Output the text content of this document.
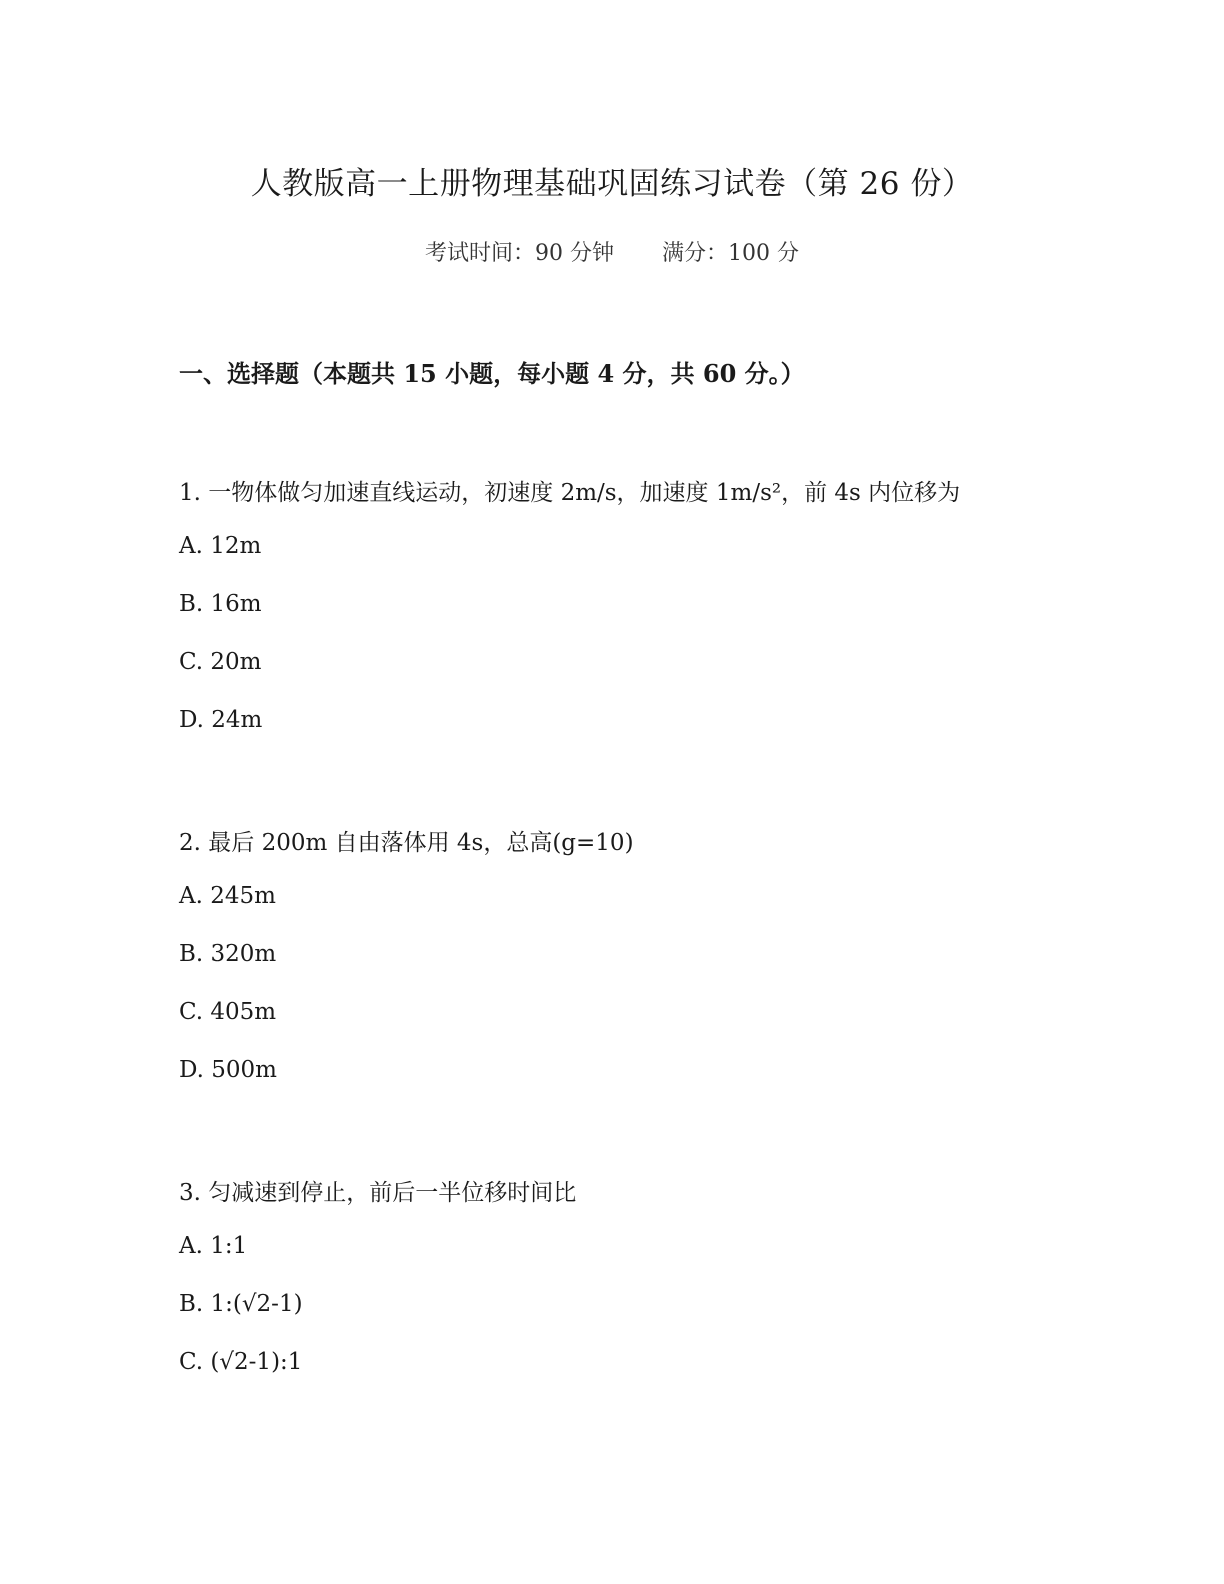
人教版高一上册物理基础巩固练习试卷（第 26 份）
考试时间：90 分钟 满分：100 分
一、选择题（本题共 15 小题，每小题 4 分，共 60 分。）
1. 一物体做匀加速直线运动，初速度 2m/s，加速度 1m/s²，前 4s 内位移为
A. 12m
B. 16m
C. 20m
D. 24m
2. 最后 200m 自由落体用 4s，总高(g=10)
A. 245m
B. 320m
C. 405m
D. 500m
3. 匀减速到停止，前后一半位移时间比
A. 1:1
B. 1:(√2-1)
C. (√2-1):1
